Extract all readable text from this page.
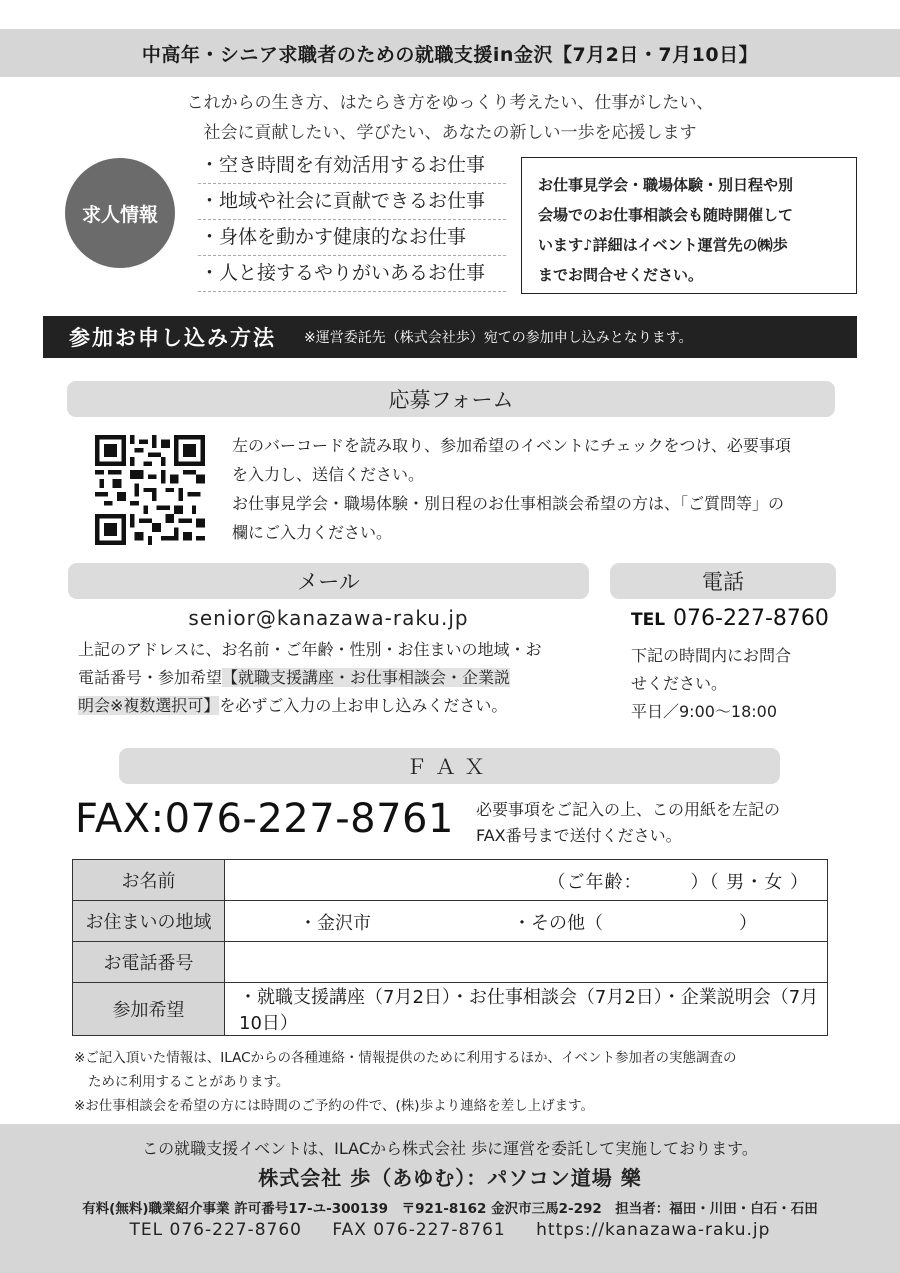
中高年・シニア求職者のための就職支援in金沢【7月2日・7月10日】
これからの生き方、はたらき方をゆっくり考えたい、仕事がしたい、
社会に貢献したい、学びたい、あなたの新しい一歩を応援します
求人情報
・空き時間を有効活用するお仕事
・地域や社会に貢献できるお仕事
・身体を動かす健康的なお仕事
・人と接するやりがいあるお仕事
お仕事見学会・職場体験・別日程や別
会場でのお仕事相談会も随時開催して
います♪詳細はイベント運営先の㈱歩
までお問合せください。
参加お申し込み方法 ※運営委託先（株式会社歩）宛ての参加申し込みとなります。
応募フォーム
左のバーコードを読み取り、参加希望のイベントにチェックをつけ、必要事項
を入力し、送信ください。
お仕事見学会・職場体験・別日程のお仕事相談会希望の方は、「ご質問等」の
欄にご入力ください。
メール	電話
senior@kanazawa-raku.jp
上記のアドレスに、お名前・ご年齢・性別・お住まいの地域・お
電話番号・参加希望【就職支援講座・お仕事相談会・企業説
明会※複数選択可】を必ずご入力の上お申し込みください。
TEL 076-227-8760
下記の時間内にお問合
せください。
平日／9:00〜18:00
ＦＡＸ
FAX:076-227-8761 必要事項をご記入の上、この用紙を左記の
FAX番号まで送付ください。
お名前	（ご年齢：　　　）（ 男・女 ）

お住まいの地域	・金沢市 ・その他（ ）

お電話番号	
参加希望	・就職支援講座（7月2日）・お仕事相談会（7月2日）・企業説明会（7月10日）
※ご記入頂いた情報は、ILACからの各種連絡・情報提供のために利用するほか、イベント参加者の実態調査の
ために利用することがあります。
※お仕事相談会を希望の方には時間のご予約の件で、(株)歩より連絡を差し上げます。
この就職支援イベントは、ILACから株式会社 歩に運営を委託して実施しております。
株式会社 歩（あゆむ）：パソコン道場 樂
有料(無料)職業紹介事業 許可番号17-ユ-300139　〒921-8162 金沢市三馬2-292　担当者：福田・川田・白石・石田
TEL 076-227-8760 FAX 076-227-8761 https://kanazawa-raku.jp
